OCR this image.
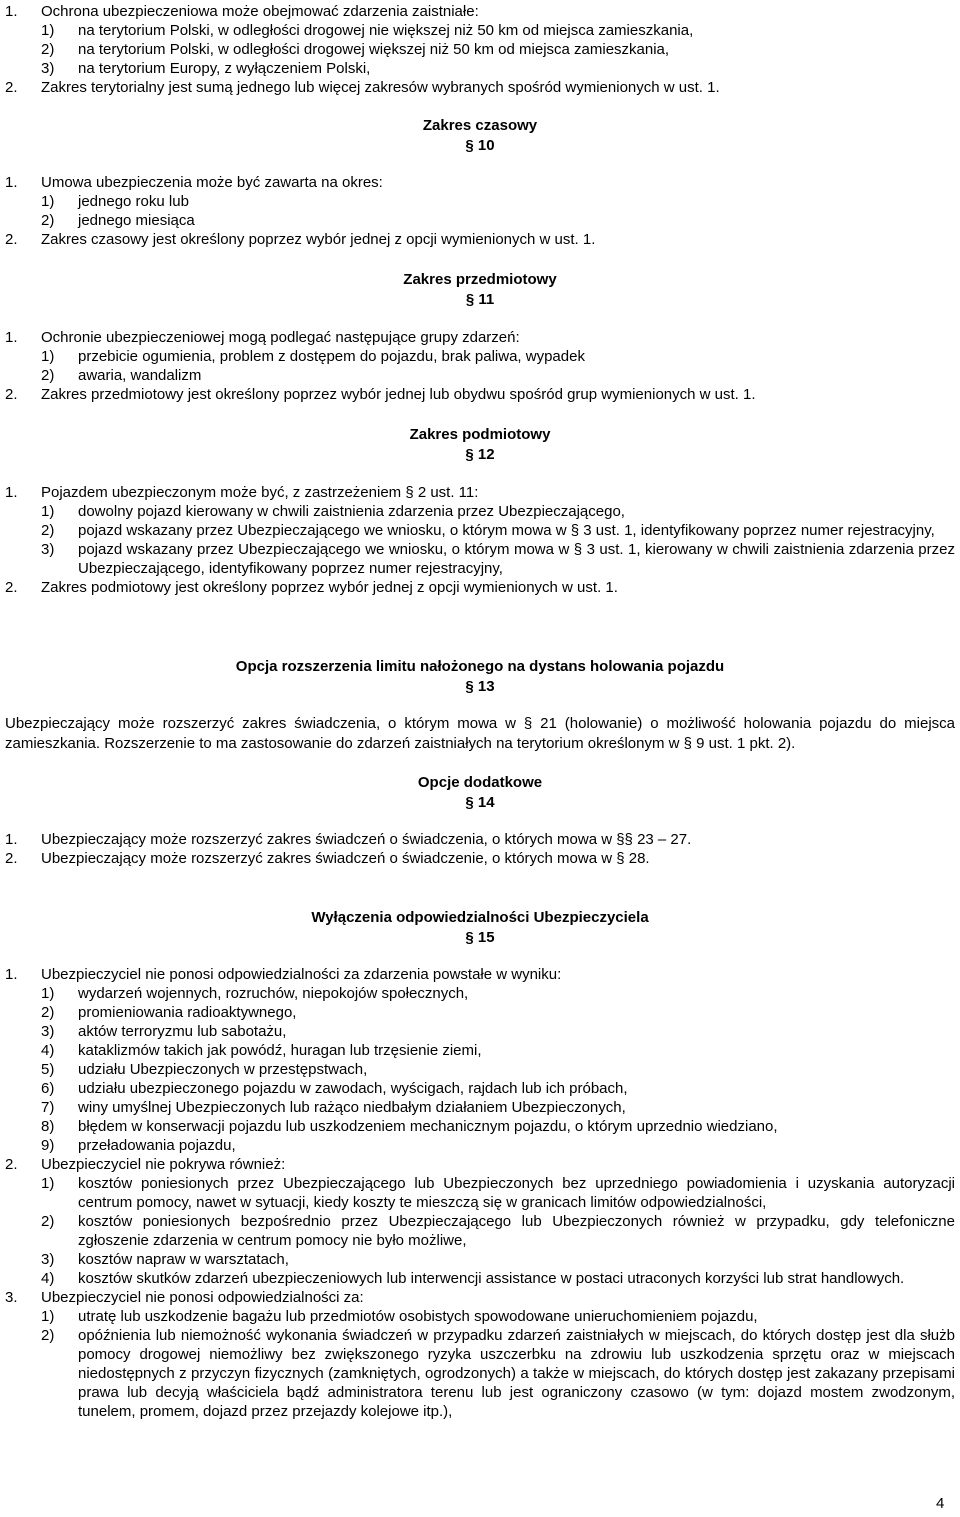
1. Ochrona ubezpieczeniowa może obejmować zdarzenia zaistniałe:
1) na terytorium Polski, w odległości drogowej nie większej niż 50 km od miejsca zamieszkania,
2) na terytorium Polski, w odległości drogowej większej niż 50 km od miejsca zamieszkania,
3) na terytorium Europy, z wyłączeniem Polski,
2. Zakres terytorialny jest sumą jednego lub więcej zakresów wybranych spośród wymienionych w ust. 1.
Zakres czasowy
§ 10
1. Umowa ubezpieczenia może być zawarta na okres:
1) jednego roku lub
2) jednego miesiąca
2. Zakres czasowy jest określony poprzez wybór jednej z opcji wymienionych w ust. 1.
Zakres przedmiotowy
§ 11
1. Ochronie ubezpieczeniowej mogą podlegać następujące grupy zdarzeń:
1) przebicie ogumienia, problem z dostępem do pojazdu, brak paliwa, wypadek
2) awaria, wandalizm
2. Zakres przedmiotowy jest określony poprzez wybór jednej lub obydwu spośród grup wymienionych w ust. 1.
Zakres podmiotowy
§ 12
1. Pojazdem ubezpieczonym może być, z zastrzeżeniem § 2 ust. 11:
1) dowolny pojazd kierowany w chwili zaistnienia zdarzenia przez Ubezpieczającego,
2) pojazd wskazany przez Ubezpieczającego we wniosku, o którym mowa w § 3 ust. 1, identyfikowany poprzez numer rejestracyjny,
3) pojazd wskazany przez Ubezpieczającego we wniosku, o którym mowa w § 3 ust. 1, kierowany w chwili zaistnienia zdarzenia przez Ubezpieczającego, identyfikowany poprzez numer rejestracyjny,
2. Zakres podmiotowy jest określony poprzez wybór jednej z opcji wymienionych w ust. 1.
Opcja rozszerzenia limitu nałożonego na dystans holowania pojazdu
§ 13
Ubezpieczający może rozszerzyć zakres świadczenia, o którym mowa w § 21 (holowanie) o możliwość holowania pojazdu do miejsca zamieszkania. Rozszerzenie to ma zastosowanie do zdarzeń zaistniałych na terytorium określonym w § 9 ust. 1 pkt. 2).
Opcje dodatkowe
§ 14
1. Ubezpieczający może rozszerzyć zakres świadczeń o świadczenia, o których mowa w §§ 23 – 27.
2. Ubezpieczający może rozszerzyć zakres świadczeń o świadczenie, o których mowa w § 28.
Wyłączenia odpowiedzialności Ubezpieczyciela
§ 15
1. Ubezpieczyciel nie ponosi odpowiedzialności za zdarzenia powstałe w wyniku:
1) wydarzeń wojennych, rozruchów, niepokojów społecznych,
2) promieniowania radioaktywnego,
3) aktów terroryzmu lub sabotażu,
4) kataklizmów takich jak powódź, huragan lub trzęsienie ziemi,
5) udziału Ubezpieczonych w przestępstwach,
6) udziału ubezpieczonego pojazdu w zawodach, wyścigach, rajdach lub ich próbach,
7) winy umyślnej Ubezpieczonych lub rażąco niedbałym działaniem Ubezpieczonych,
8) błędem w konserwacji pojazdu lub uszkodzeniem mechanicznym pojazdu, o którym uprzednio wiedziano,
9) przeładowania pojazdu,
2. Ubezpieczyciel nie pokrywa również:
1) kosztów poniesionych przez Ubezpieczającego lub Ubezpieczonych bez uprzedniego powiadomienia i uzyskania autoryzacji centrum pomocy, nawet w sytuacji, kiedy koszty te mieszczą się w granicach limitów odpowiedzialności,
2) kosztów poniesionych bezpośrednio przez Ubezpieczającego lub Ubezpieczonych również w przypadku, gdy telefoniczne zgłoszenie zdarzenia w centrum pomocy nie było możliwe,
3) kosztów napraw w warsztatach,
4) kosztów skutków zdarzeń ubezpieczeniowych lub interwencji assistance w postaci utraconych korzyści lub strat handlowych.
3. Ubezpieczyciel nie ponosi odpowiedzialności za:
1) utratę lub uszkodzenie bagażu lub przedmiotów osobistych spowodowane unieruchomieniem pojazdu,
2) opóźnienia lub niemożność wykonania świadczeń w przypadku zdarzeń zaistniałych w miejscach, do których dostęp jest dla służb pomocy drogowej niemożliwy bez zwiększonego ryzyka uszczerbku na zdrowiu lub uszkodzenia sprzętu oraz w miejscach niedostępnych z przyczyn fizycznych (zamkniętych, ogrodzonych) a także w miejscach, do których dostęp jest zakazany przepisami prawa lub decyją właściciela bądź administratora terenu lub jest ograniczony czasowo (w tym: dojazd mostem zwodzonym, tunelem, promem, dojazd przez przejazdy kolejowe itp.),
4
